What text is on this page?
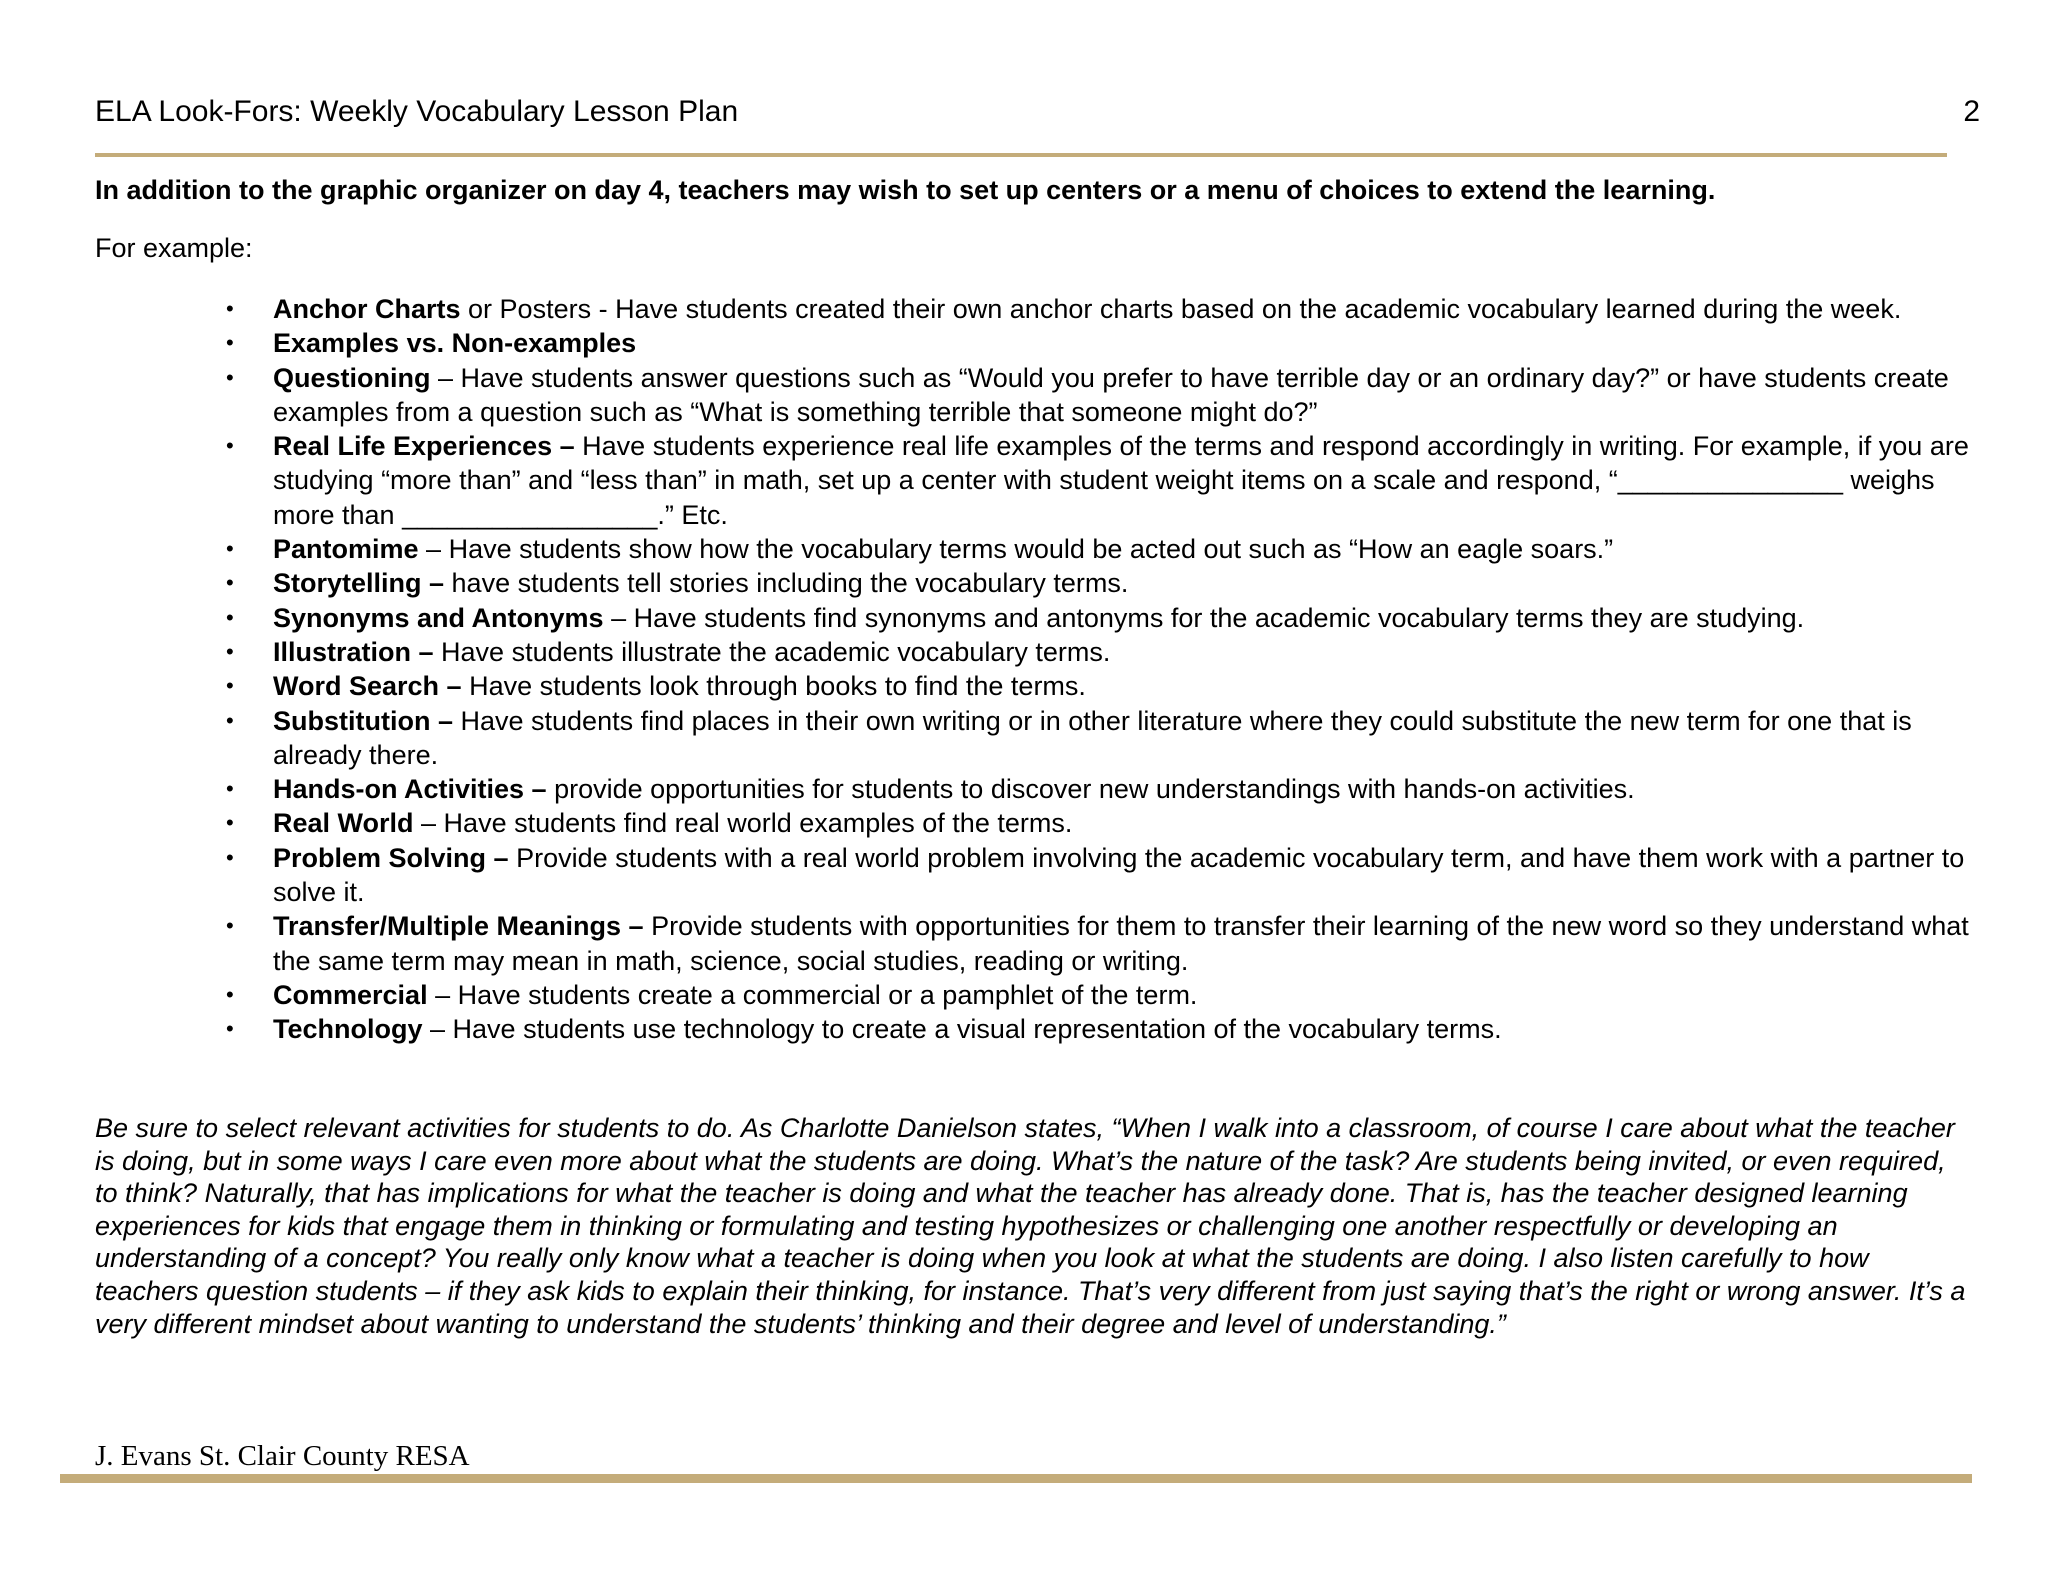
ELA Look-Fors: Weekly Vocabulary Lesson Plan	2
In addition to the graphic organizer on day 4, teachers may wish to set up centers or a menu of choices to extend the learning.
For example:
• Anchor Charts or Posters - Have students created their own anchor charts based on the academic vocabulary learned during the week.
• Examples vs. Non-examples
• Questioning – Have students answer questions such as “Would you prefer to have terrible day or an ordinary day?” or have students create examples from a question such as “What is something terrible that someone might do?”
• Real Life Experiences – Have students experience real life examples of the terms and respond accordingly in writing. For example, if you are studying “more than” and “less than” in math, set up a center with student weight items on a scale and respond, “_______________ weighs more than _________________.” Etc.
• Pantomime – Have students show how the vocabulary terms would be acted out such as “How an eagle soars.”
• Storytelling – have students tell stories including the vocabulary terms.
• Synonyms and Antonyms – Have students find synonyms and antonyms for the academic vocabulary terms they are studying.
• Illustration – Have students illustrate the academic vocabulary terms.
• Word Search – Have students look through books to find the terms.
• Substitution – Have students find places in their own writing or in other literature where they could substitute the new term for one that is already there.
• Hands-on Activities – provide opportunities for students to discover new understandings with hands-on activities.
• Real World – Have students find real world examples of the terms.
• Problem Solving – Provide students with a real world problem involving the academic vocabulary term, and have them work with a partner to solve it.
• Transfer/Multiple Meanings – Provide students with opportunities for them to transfer their learning of the new word so they understand what the same term may mean in math, science, social studies, reading or writing.
• Commercial – Have students create a commercial or a pamphlet of the term.
• Technology – Have students use technology to create a visual representation of the vocabulary terms.
Be sure to select relevant activities for students to do. As Charlotte Danielson states, “When I walk into a classroom, of course I care about what the teacher is doing, but in some ways I care even more about what the students are doing. What’s the nature of the task? Are students being invited, or even required, to think? Naturally, that has implications for what the teacher is doing and what the teacher has already done. That is, has the teacher designed learning experiences for kids that engage them in thinking or formulating and testing hypothesizes or challenging one another respectfully or developing an understanding of a concept? You really only know what a teacher is doing when you look at what the students are doing. I also listen carefully to how teachers question students – if they ask kids to explain their thinking, for instance. That’s very different from just saying that’s the right or wrong answer. It’s a very different mindset about wanting to understand the students’ thinking and their degree and level of understanding.”
J. Evans St. Clair County RESA
